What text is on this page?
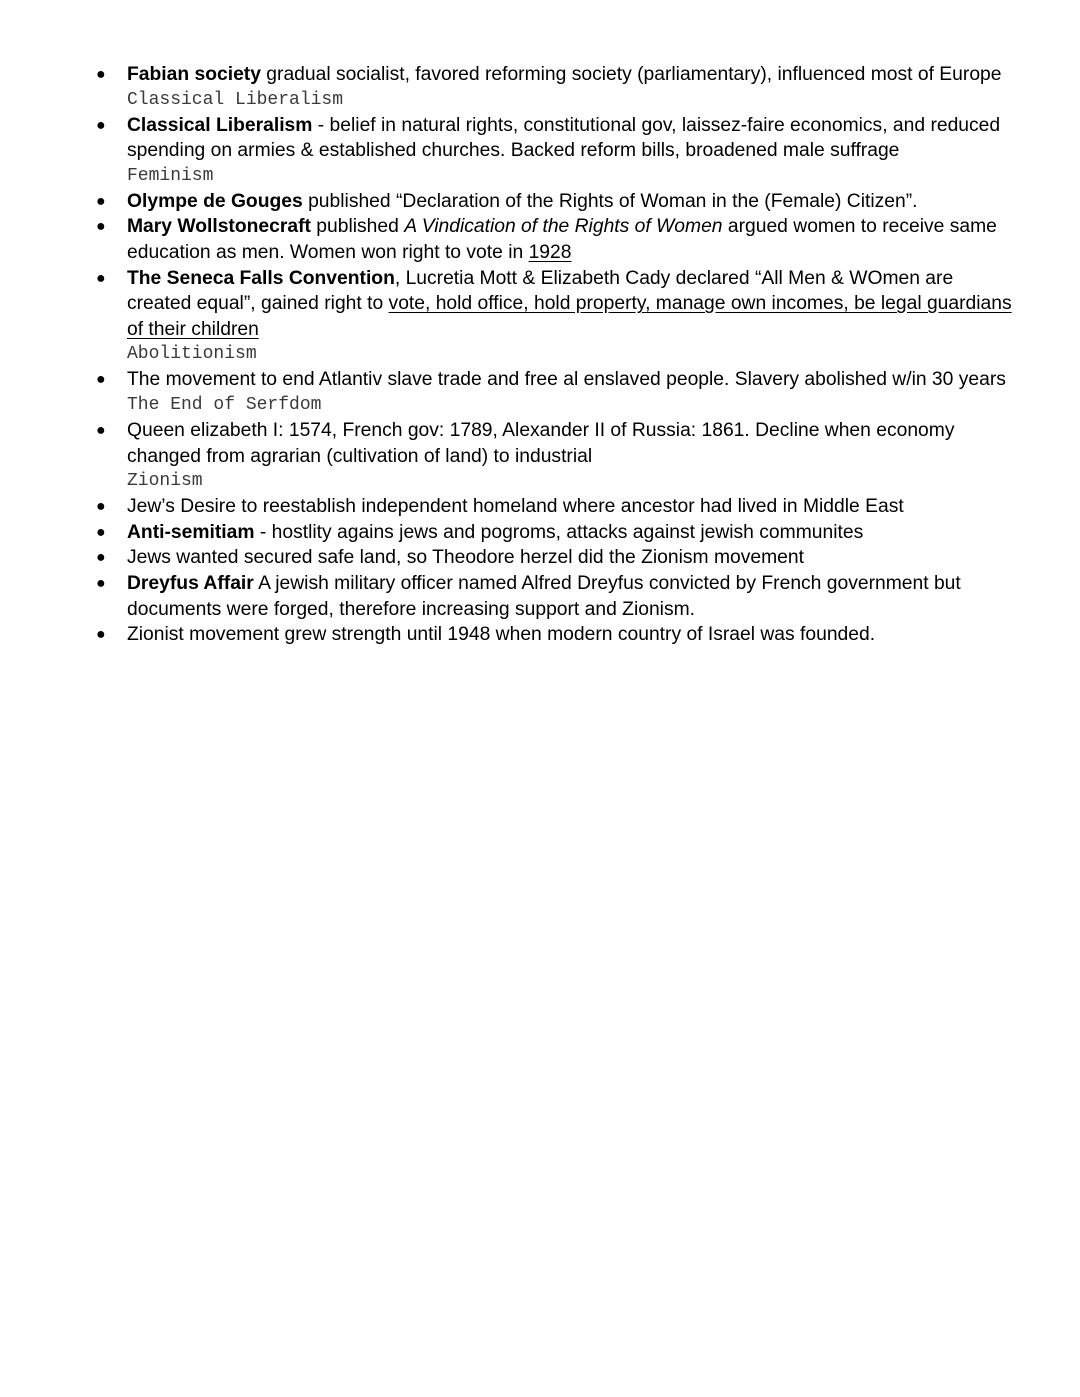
● Fabian society gradual socialist, favored reforming society (parliamentary), influenced most of Europe
Classical Liberalism
● Classical Liberalism - belief in natural rights, constitutional gov, laissez-faire economics, and reduced spending on armies & established churches. Backed reform bills, broadened male suffrage
Feminism
● Olympe de Gouges published “Declaration of the Rights of Woman in the (Female) Citizen”.
● Mary Wollstonecraft published A Vindication of the Rights of Women argued women to receive same education as men. Women won right to vote in 1928
● The Seneca Falls Convention, Lucretia Mott & Elizabeth Cady declared “All Men & WOmen are created equal”, gained right to vote, hold office, hold property, manage own incomes, be legal guardians of their children
Abolitionism
● The movement to end Atlantiv slave trade and free al enslaved people. Slavery abolished w/in 30 years
The End of Serfdom
● Queen elizabeth I: 1574, French gov: 1789, Alexander II of Russia: 1861. Decline when economy changed from agrarian (cultivation of land) to industrial
Zionism
● Jew’s Desire to reestablish independent homeland where ancestor had lived in Middle East
● Anti-semitiam - hostlity agains jews and pogroms, attacks against jewish communites
● Jews wanted secured safe land, so Theodore herzel did the Zionism movement
● Dreyfus Affair A jewish military officer named Alfred Dreyfus convicted by French government but documents were forged, therefore increasing support and Zionism.
● Zionist movement grew strength until 1948 when modern country of Israel was founded.
